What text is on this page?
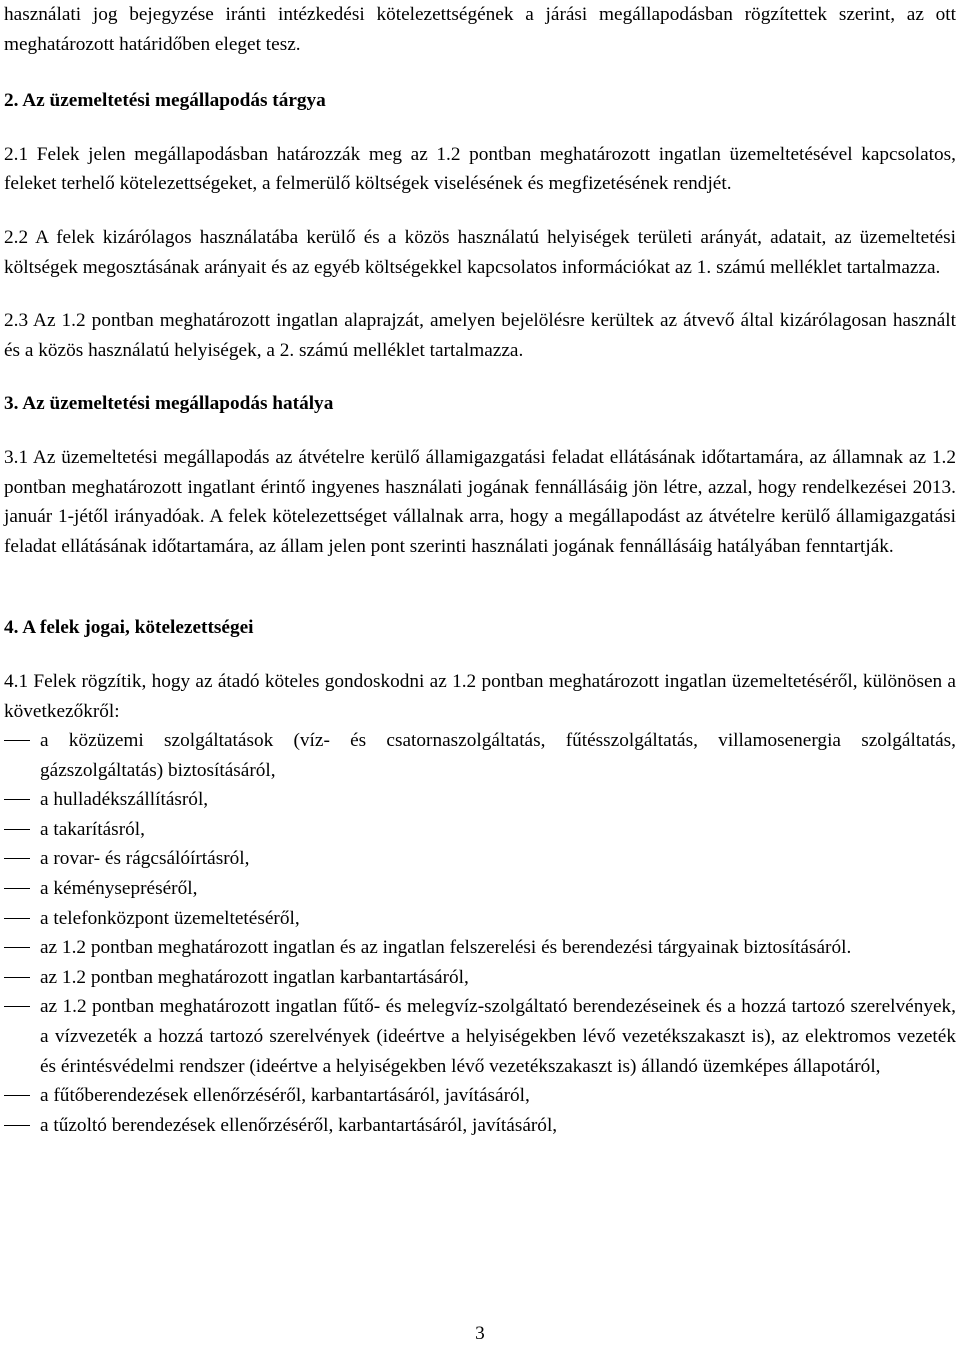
használati jog bejegyzése iránti intézkedési kötelezettségének a járási megállapodásban rögzítettek szerint, az ott meghatározott határidőben eleget tesz.

2. Az üzemeltetési megállapodás tárgya

2.1 Felek jelen megállapodásban határozzák meg az 1.2 pontban meghatározott ingatlan üzemeltetésével kapcsolatos, feleket terhelő kötelezettségeket, a felmerülő költségek viselésének és megfizetésének rendjét.

2.2 A felek kizárólagos használatába kerülő és a közös használatú helyiségek területi arányát, adatait, az üzemeltetési költségek megosztásának arányait és az egyéb költségekkel kapcsolatos információkat az 1. számú melléklet tartalmazza.

2.3 Az 1.2 pontban meghatározott ingatlan alaprajzát, amelyen bejelölésre kerültek az átvevő által kizárólagosan használt és a közös használatú helyiségek, a 2. számú melléklet tartalmazza.

3. Az üzemeltetési megállapodás hatálya

3.1 Az üzemeltetési megállapodás az átvételre kerülő államigazgatási feladat ellátásának időtartamára, az államnak az 1.2 pontban meghatározott ingatlant érintő ingyenes használati jogának fennállásáig jön létre, azzal, hogy rendelkezései 2013. január 1-jétől irányadóak. A felek kötelezettséget vállalnak arra, hogy a megállapodást az átvételre kerülő államigazgatási feladat ellátásának időtartamára, az állam jelen pont szerinti használati jogának fennállásáig hatályában fenntartják.

4. A felek jogai, kötelezettségei

4.1 Felek rögzítik, hogy az átadó köteles gondoskodni az 1.2 pontban meghatározott ingatlan üzemeltetéséről, különösen a következőkről:

a közüzemi szolgáltatások (víz- és csatornaszolgáltatás, fűtésszolgáltatás, villamosenergia szolgáltatás, gázszolgáltatás) biztosításáról,
a hulladékszállításról,
a takarításról,
a rovar- és rágcsálóírtásról,
a kéménysepréséről,
a telefonközpont üzemeltetéséről,
az 1.2 pontban meghatározott ingatlan és az ingatlan felszerelési és berendezési tárgyainak biztosításáról.
az 1.2 pontban meghatározott ingatlan karbantartásáról,
az 1.2 pontban meghatározott ingatlan fűtő- és melegvíz-szolgáltató berendezéseinek és a hozzá tartozó szerelvények, a vízvezeték a hozzá tartozó szerelvények (ideértve a helyiségekben lévő vezetékszakaszt is), az elektromos vezeték és érintésvédelmi rendszer (ideértve a helyiségekben lévő vezetékszakaszt is) állandó üzemképes állapotáról,
a fűtőberendezések ellenőrzéséről, karbantartásáról, javításáról,
a tűzoltó berendezések ellenőrzéséről, karbantartásáról, javításáról,
3
